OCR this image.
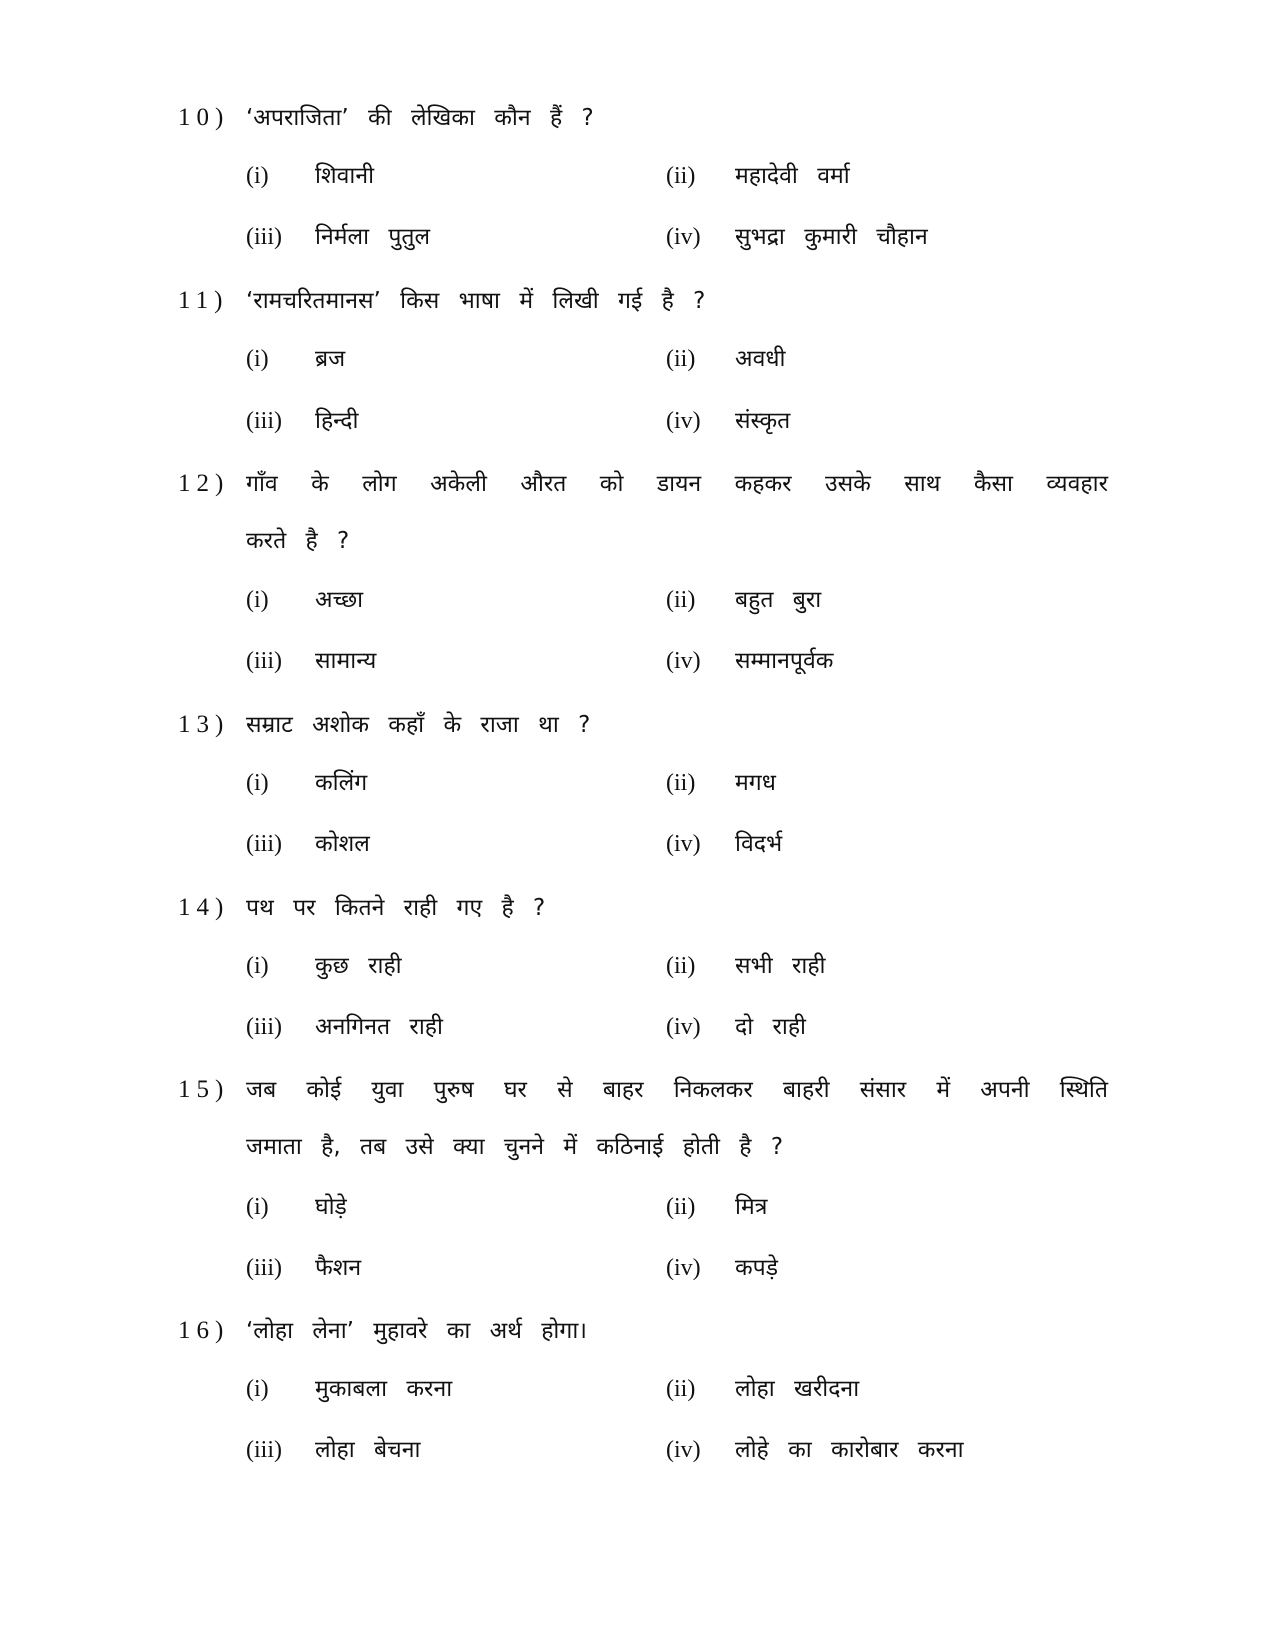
10) ‘अपराजिता’ की लेखिका कौन हैं ?
(i) शिवानी	(ii) महादेवी वर्मा
(iii) निर्मला पुतुल	(iv) सुभद्रा कुमारी चौहान
11) ‘रामचरितमानस’ किस भाषा में लिखी गई है ?
(i) ब्रज	(ii) अवधी
(iii) हिन्दी	(iv) संस्कृत
12) गाँव के लोग अकेली औरत को डायन कहकर उसके साथ कैसा व्यवहार
करते है ?
(i) अच्छा	(ii) बहुत बुरा
(iii) सामान्य	(iv) सम्मानपूर्वक
13) सम्राट अशोक कहाँ के राजा था ?
(i) कलिंग	(ii) मगध
(iii) कोशल	(iv) विदर्भ
14) पथ पर कितने राही गए है ?
(i) कुछ राही	(ii) सभी राही
(iii) अनगिनत राही	(iv) दो राही
15) जब कोई युवा पुरुष घर से बाहर निकलकर बाहरी संसार में अपनी स्थिति
जमाता है, तब उसे क्या चुनने में कठिनाई होती है ?
(i) घोड़े	(ii) मित्र
(iii) फैशन	(iv) कपड़े
16) ‘लोहा लेना’ मुहावरे का अर्थ होगा।
(i) मुकाबला करना	(ii) लोहा खरीदना
(iii) लोहा बेचना	(iv) लोहे का कारोबार करना
